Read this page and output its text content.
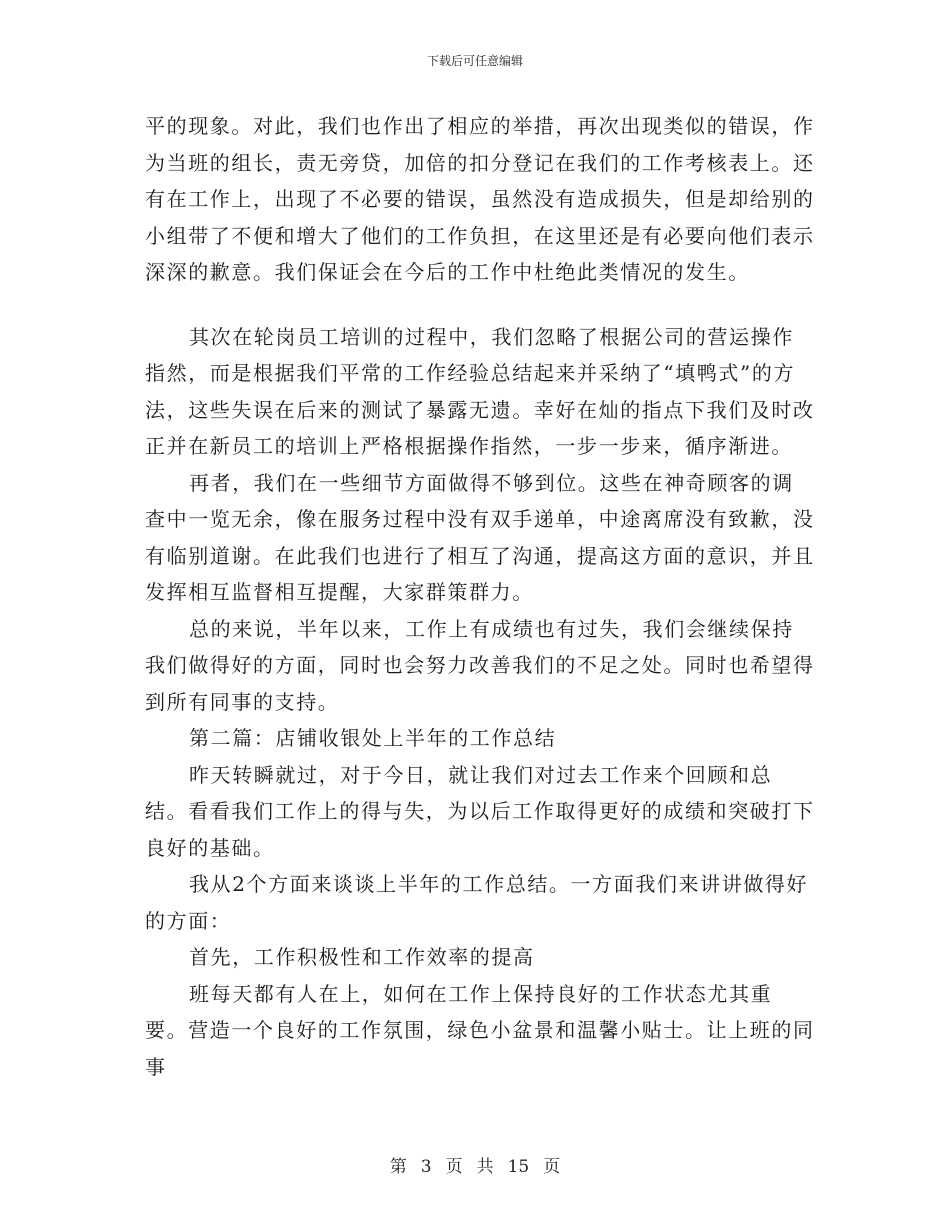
下载后可任意编辑

平的现象。对此，我们也作出了相应的举措，再次出现类似的错误，作为当班的组长，责无旁贷，加倍的扣分登记在我们的工作考核表上。还有在工作上，出现了不必要的错误，虽然没有造成损失，但是却给别的小组带了不便和增大了他们的工作负担，在这里还是有必要向他们表示深深的歉意。我们保证会在今后的工作中杜绝此类情况的发生。

其次在轮岗员工培训的过程中，我们忽略了根据公司的营运操作指然，而是根据我们平常的工作经验总结起来并采纳了“填鸭式”的方法，这些失误在后来的测试了暴露无遗。幸好在灿的指点下我们及时改正并在新员工的培训上严格根据操作指然，一步一步来，循序渐进。

再者，我们在一些细节方面做得不够到位。这些在神奇顾客的调查中一览无余，像在服务过程中没有双手递单，中途离席没有致歉，没有临别道谢。在此我们也进行了相互了沟通，提高这方面的意识，并且发挥相互监督相互提醒，大家群策群力。

总的来说，半年以来，工作上有成绩也有过失，我们会继续保持我们做得好的方面，同时也会努力改善我们的不足之处。同时也希望得到所有同事的支持。

第二篇：店铺收银处上半年的工作总结

昨天转瞬就过，对于今日，就让我们对过去工作来个回顾和总结。看看我们工作上的得与失，为以后工作取得更好的成绩和突破打下良好的基础。

我从2个方面来谈谈上半年的工作总结。一方面我们来讲讲做得好的方面：

首先，工作积极性和工作效率的提高

班每天都有人在上，如何在工作上保持良好的工作状态尤其重要。营造一个良好的工作氛围，绿色小盆景和温馨小贴士。让上班的同事

第 3 页 共 15 页
